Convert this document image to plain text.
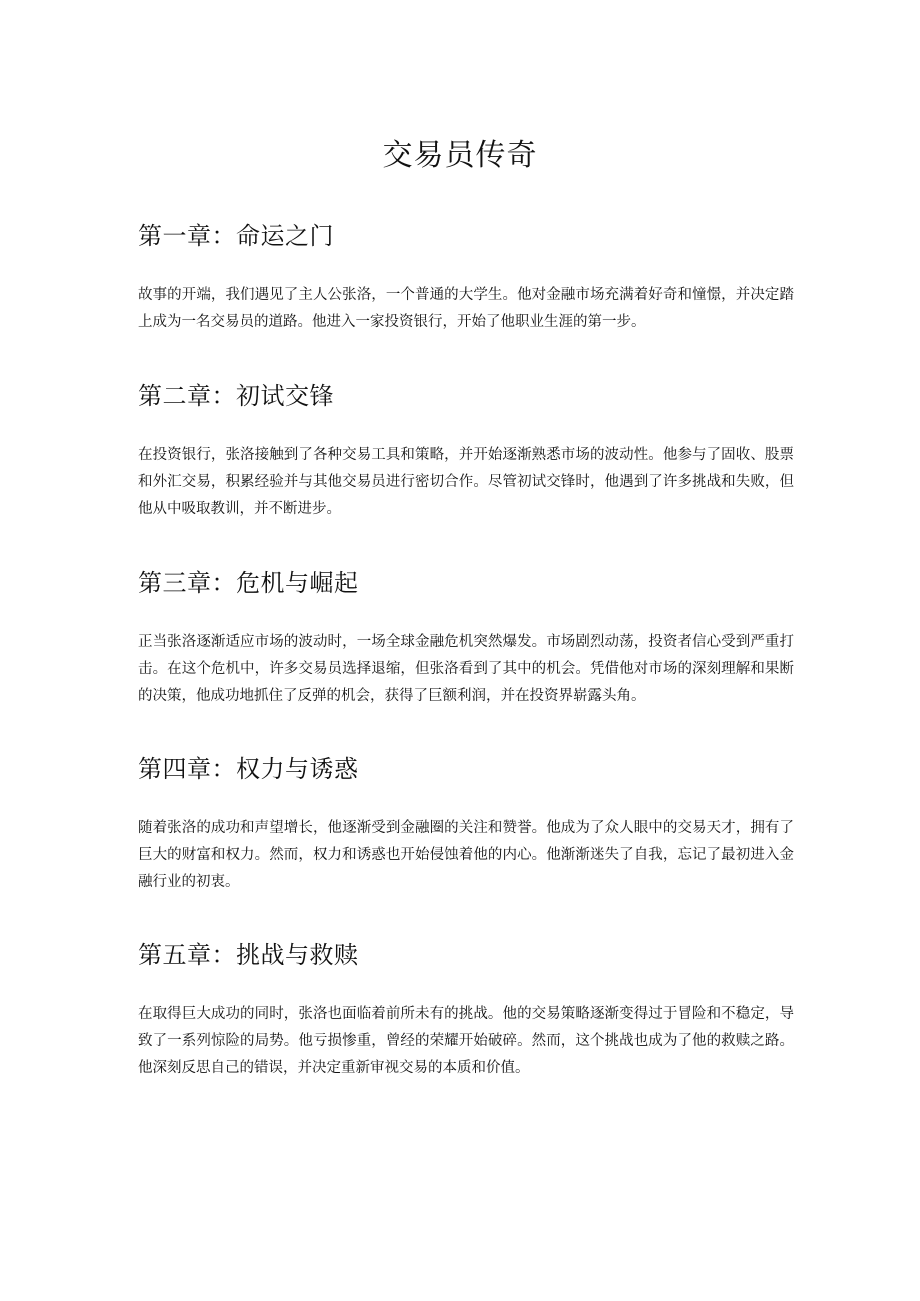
交易员传奇
第一章：命运之门

故事的开端，我们遇见了主人公张洛，一个普通的大学生。他对金融市场充满着好奇和憧憬，并决定踏上成为一名交易员的道路。他进入一家投资银行，开始了他职业生涯的第一步。

第二章：初试交锋

在投资银行，张洛接触到了各种交易工具和策略，并开始逐渐熟悉市场的波动性。他参与了固收、股票和外汇交易，积累经验并与其他交易员进行密切合作。尽管初试交锋时，他遇到了许多挑战和失败，但他从中吸取教训，并不断进步。

第三章：危机与崛起

正当张洛逐渐适应市场的波动时，一场全球金融危机突然爆发。市场剧烈动荡，投资者信心受到严重打击。在这个危机中，许多交易员选择退缩，但张洛看到了其中的机会。凭借他对市场的深刻理解和果断的决策，他成功地抓住了反弹的机会，获得了巨额利润，并在投资界崭露头角。

第四章：权力与诱惑

随着张洛的成功和声望增长，他逐渐受到金融圈的关注和赞誉。他成为了众人眼中的交易天才，拥有了巨大的财富和权力。然而，权力和诱惑也开始侵蚀着他的内心。他渐渐迷失了自我，忘记了最初进入金融行业的初衷。

第五章：挑战与救赎

在取得巨大成功的同时，张洛也面临着前所未有的挑战。他的交易策略逐渐变得过于冒险和不稳定，导致了一系列惊险的局势。他亏损惨重，曾经的荣耀开始破碎。然而，这个挑战也成为了他的救赎之路。他深刻反思自己的错误，并决定重新审视交易的本质和价值。
